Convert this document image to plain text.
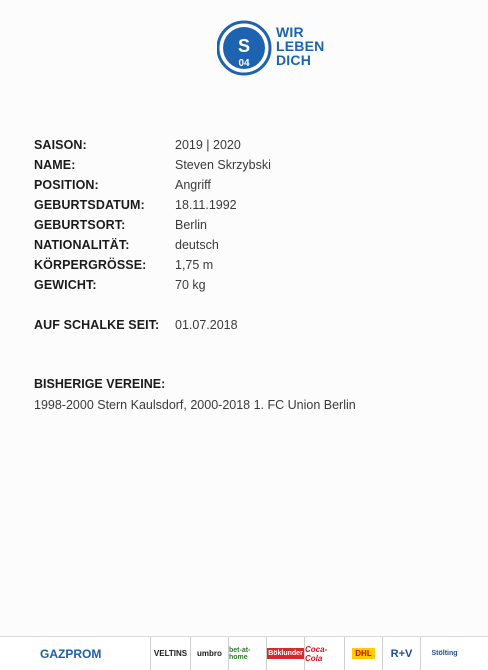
S
04
WIR
LEBEN
DICH
SAISON:	2019 | 2020
NAME:	Steven Skrzybski
POSITION:	Angriff
GEBURTSDATUM:	18.11.1992
GEBURTSORT:	Berlin
NATIONALITÄT:	deutsch
KÖRPERGRÖSSE:	1,75 m
GEWICHT:	70 kg
AUF SCHALKE SEIT:	01.07.2018
BISHERIGE VEREINE:
1998-2000 Stern Kaulsdorf, 2000-2018 1. FC Union Berlin
GAZPROM	VELTINS umbro bet-at-home	Böklunder Coca-Cola	DHL R+V	Stölting
